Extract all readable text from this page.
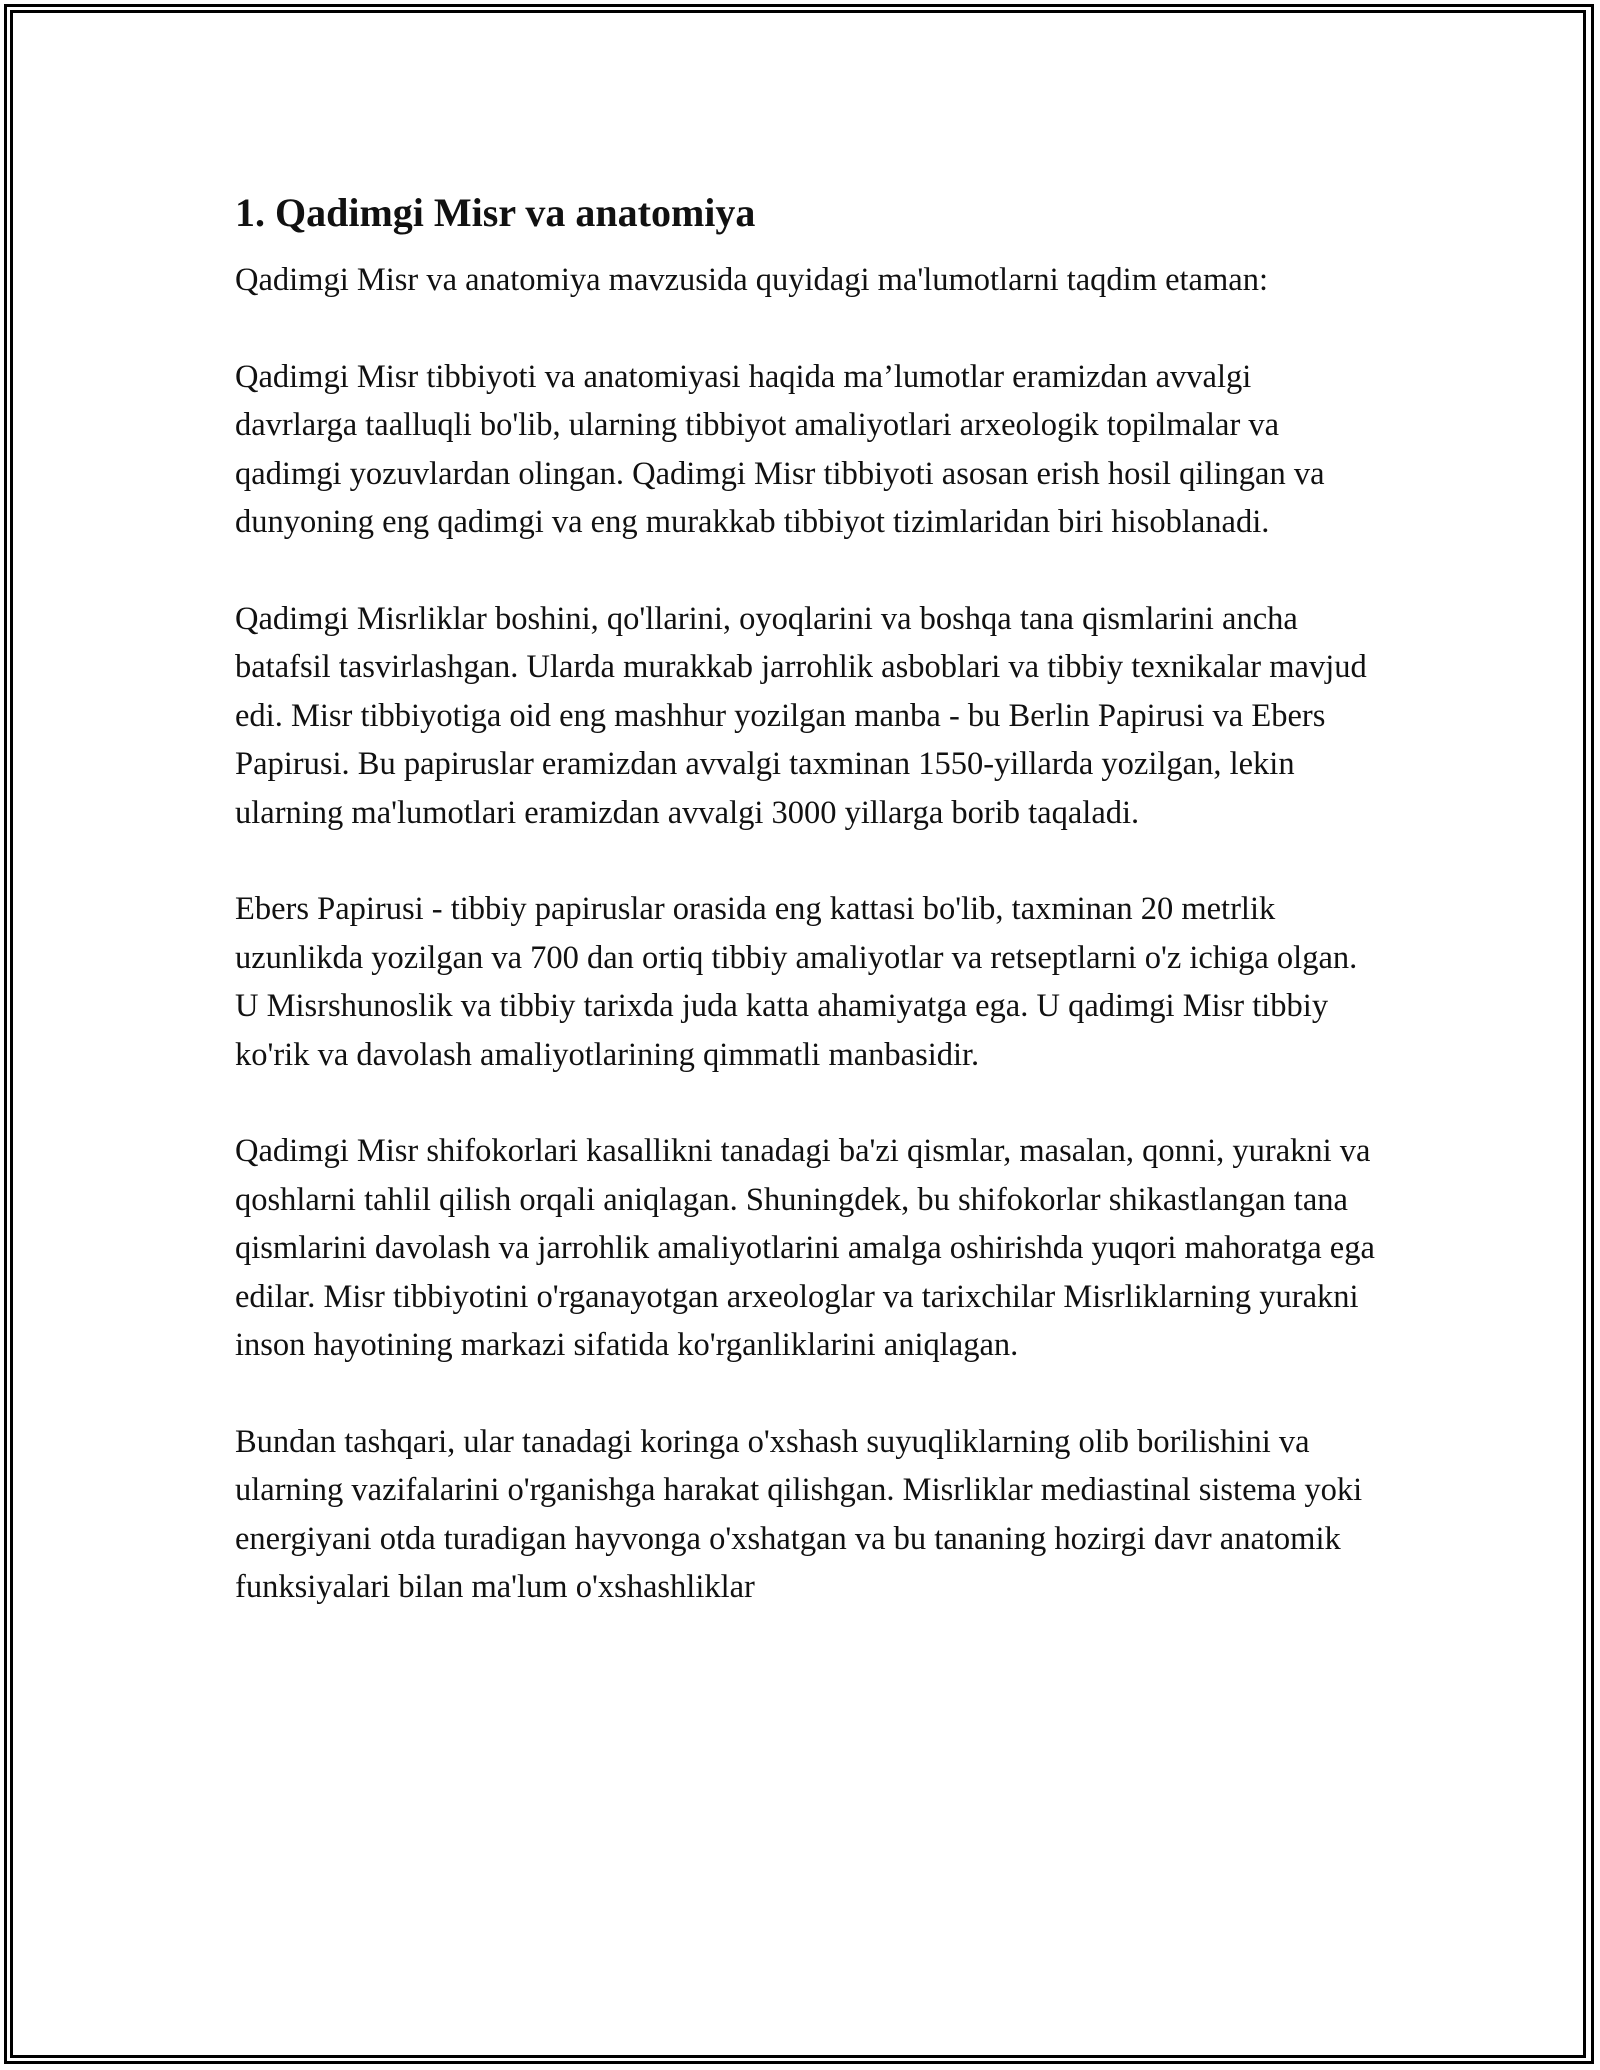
1. Qadimgi Misr va anatomiya

Qadimgi Misr va anatomiya mavzusida quyidagi ma'lumotlarni taqdim etaman:

Qadimgi Misr tibbiyoti va anatomiyasi haqida ma’lumotlar eramizdan avvalgi davrlarga taalluqli bo'lib, ularning tibbiyot amaliyotlari arxeologik topilmalar va qadimgi yozuvlardan olingan. Qadimgi Misr tibbiyoti asosan erish hosil qilingan va dunyoning eng qadimgi va eng murakkab tibbiyot tizimlaridan biri hisoblanadi.

Qadimgi Misrliklar boshini, qo'llarini, oyoqlarini va boshqa tana qismlarini ancha batafsil tasvirlashgan. Ularda murakkab jarrohlik asboblari va tibbiy texnikalar mavjud edi. Misr tibbiyotiga oid eng mashhur yozilgan manba - bu Berlin Papirusi va Ebers Papirusi. Bu papiruslar eramizdan avvalgi taxminan 1550-yillarda yozilgan, lekin ularning ma'lumotlari eramizdan avvalgi 3000 yillarga borib taqaladi.

Ebers Papirusi - tibbiy papiruslar orasida eng kattasi bo'lib, taxminan 20 metrlik uzunlikda yozilgan va 700 dan ortiq tibbiy amaliyotlar va retseptlarni o'z ichiga olgan. U Misrshunoslik va tibbiy tarixda juda katta ahamiyatga ega. U qadimgi Misr tibbiy ko'rik va davolash amaliyotlarining qimmatli manbasidir.

Qadimgi Misr shifokorlari kasallikni tanadagi ba'zi qismlar, masalan, qonni, yurakni va qoshlarni tahlil qilish orqali aniqlagan. Shuningdek, bu shifokorlar shikastlangan tana qismlarini davolash va jarrohlik amaliyotlarini amalga oshirishda yuqori mahoratga ega edilar. Misr tibbiyotini o'rganayotgan arxeologlar va tarixchilar Misrliklarning yurakni inson hayotining markazi sifatida ko'rganliklarini aniqlagan.

Bundan tashqari, ular tanadagi koringa o'xshash suyuqliklarning olib borilishini va ularning vazifalarini o'rganishga harakat qilishgan. Misrliklar mediastinal sistema yoki energiyani otda turadigan hayvonga o'xshatgan va bu tananing hozirgi davr anatomik funksiyalari bilan ma'lum o'xshashliklar
